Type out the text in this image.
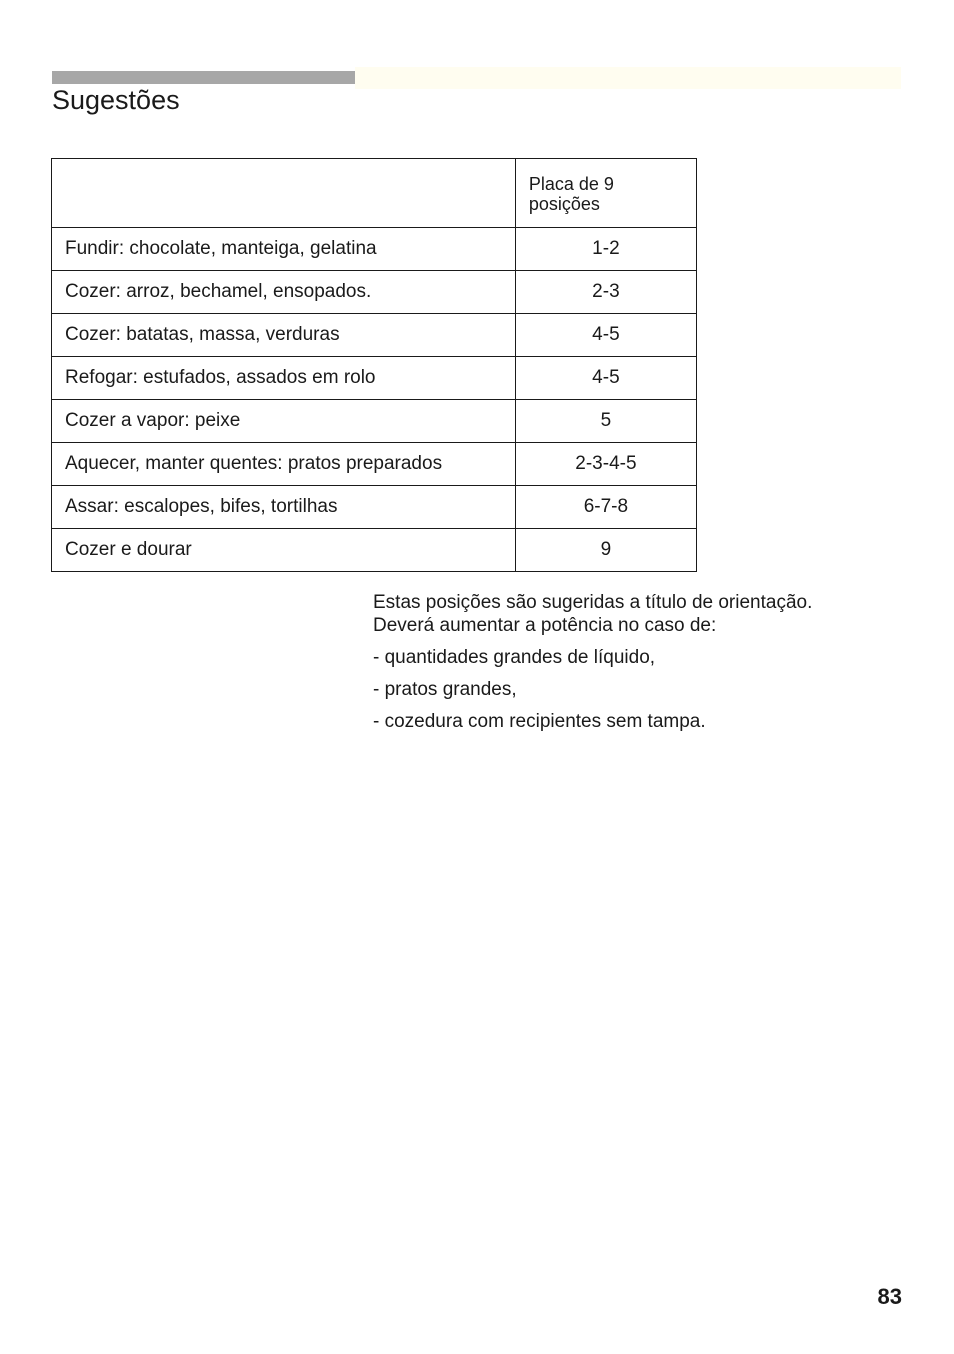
Sugestões
	Placa de 9 posições
Fundir: chocolate, manteiga, gelatina	1-2
Cozer: arroz, bechamel, ensopados.	2-3
Cozer: batatas, massa, verduras	4-5
Refogar: estufados, assados em rolo	4-5
Cozer a vapor: peixe	5
Aquecer, manter quentes: pratos preparados	2-3-4-5
Assar: escalopes, bifes, tortilhas	6-7-8
Cozer e dourar	9

Estas posições são sugeridas a título de orientação.

Deverá aumentar a potência no caso de:

- quantidades grandes de líquido,

- pratos grandes,

- cozedura com recipientes sem tampa.

83
